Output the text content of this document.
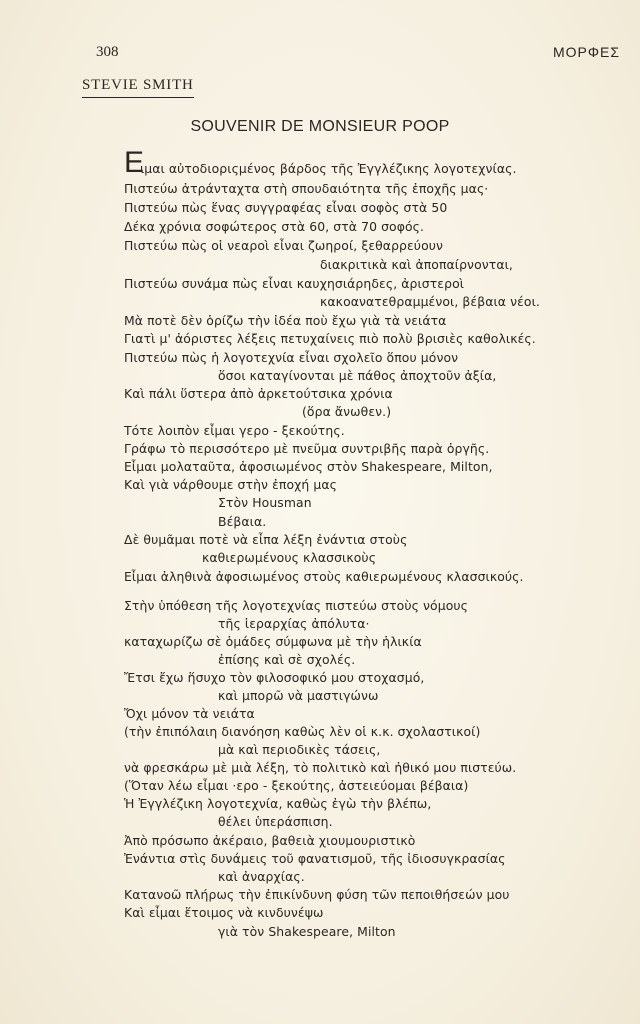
308	ΜΟΡΦΕΣ
STEVIE SMITH
SOUVENIR DE MONSIEUR POOP
E
ιμαι αὐτοδιοριςμένος βάρδος τῆς Ἐγγλέζικης λογοτεχνίας.
Πιστεύω ἀτράνταχτα στὴ σπουδαιότητα τῆς ἐποχῆς μας·
Πιστεύω πὼς ἕνας συγγραφέας εἶναι σοφὸς στὰ 50
Δέκα χρόνια σοφώτερος στὰ 60, στὰ 70 σοφός.
Πιστεύω πὼς οἱ νεαροὶ εἶναι ζωηροί, ξεθαρρεύουν
διακριτικὰ καὶ ἀποπαίρνονται,
Πιστεύω συνάμα πὼς εἶναι καυχησιάρηδες, ἀριστεροὶ
κακοανατεθραμμένοι, βέβαια νέοι.
Μὰ ποτὲ δὲν ὁρίζω τὴν ἰδέα ποὺ ἔχω γιὰ τὰ νειάτα
Γιατὶ μ' ἀόριστες λέξεις πετυχαίνεις πιὸ πολὺ βρισιὲς καθολικές.
Πιστεύω πὼς ἡ λογοτεχνία εἶναι σχολεῖο ὅπου μόνον
ὅσοι καταγίνονται μὲ πάθος ἀποχτοῦν ἀξία,
Καὶ πάλι ὕστερα ἀπὸ ἀρκετούτσικα χρόνια
(ὅρα ἄνωθεν.)
Τότε λοιπὸν εἶμαι γερο - ξεκούτης.
Γράφω τὸ περισσότερο μὲ πνεῦμα συντριβῆς παρὰ ὀργῆς.
Εἶμαι μολαταῦτα, ἀφοσιωμένος στὸν Shakespeare, Milton,
Καὶ γιὰ νάρθουμε στὴν ἐποχή μας
Στὸν Housman
Βέβαια.
Δὲ θυμᾶμαι ποτὲ νὰ εἶπα λέξη ἐνάντια στοὺς
καθιερωμένους κλασσικοὺς
Εἶμαι ἀληθινὰ ἀφοσιωμένος στοὺς καθιερωμένους κλασσικούς.
Στὴν ὑπόθεση τῆς λογοτεχνίας πιστεύω στοὺς νόμους
τῆς ἱεραρχίας ἀπόλυτα·
καταχωρίζω σὲ ὁμάδες σύμφωνα μὲ τὴν ἡλικία
ἐπίσης καὶ σὲ σχολές.
Ἔτσι ἔχω ἥσυχο τὸν φιλοσοφικό μου στοχασμό,
καὶ μπορῶ νὰ μαστιγώνω
Ὄχι μόνον τὰ νειάτα
(τὴν ἐπιπόλαιη διανόηση καθὼς λὲν οἱ κ.κ. σχολαστικοί)
μὰ καὶ περιοδικὲς τάσεις,
νὰ φρεσκάρω μὲ μιὰ λέξη, τὸ πολιτικὸ καὶ ἠθικό μου πιστεύω.
(Ὅταν λέω εἶμαι ·ερο - ξεκούτης, ἀστειεύομαι βέβαια)
Ἡ Ἐγγλέζικη λογοτεχνία, καθὼς ἐγὼ τὴν βλέπω,
θέλει ὑπεράσπιση.
Ἀπὸ πρόσωπο ἀκέραιο, βαθειὰ χιουμουριστικὸ
Ἐνάντια στὶς δυνάμεις τοῦ φανατισμοῦ, τῆς ἰδιοσυγκρασίας
καὶ ἀναρχίας.
Κατανοῶ πλήρως τὴν ἐπικίνδυνη φύση τῶν πεποιθήσεών μου
Καὶ εἶμαι ἕτοιμος νὰ κινδυνέψω
γιὰ τὸν Shakespeare, Milton
